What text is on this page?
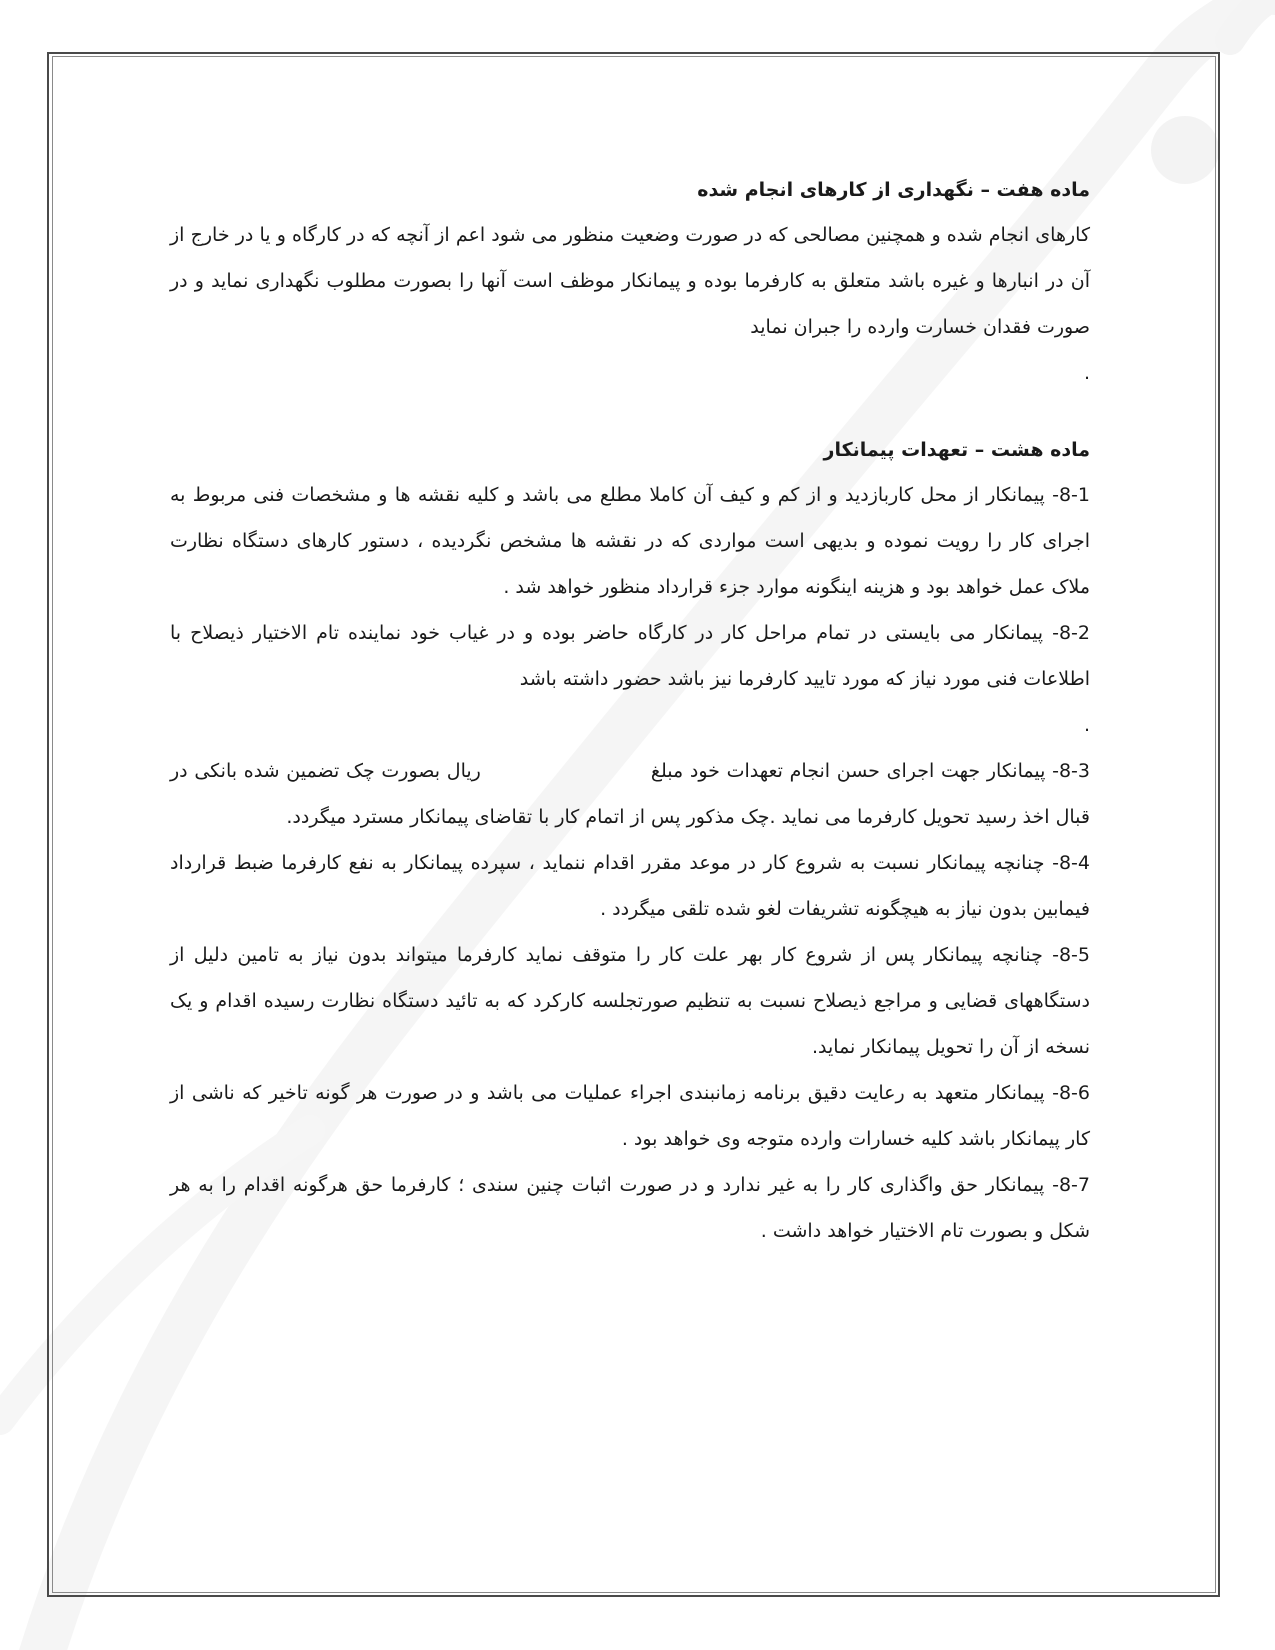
ماده هفت – نگهداری از کارهای انجام شده

کارهای انجام شده و همچنین مصالحی که در صورت وضعیت منظور می شود اعم از آنچه که در کارگاه و یا در خارج از آن در انبارها و غیره باشد متعلق به کارفرما بوده و پیمانکار موظف است آنها را بصورت مطلوب نگهداری نماید و در صورت فقدان خسارت وارده را جبران نماید

.

ماده هشت – تعهدات پیمانکار

8-1- پیمانکار از محل کاربازدید و از کم و کیف آن کاملا مطلع می باشد و کلیه نقشه ها و مشخصات فنی مربوط به اجرای کار را رویت نموده و بدیهی است مواردی که در نقشه ها مشخص نگردیده ، دستور کارهای دستگاه نظارت ملاک عمل خواهد بود و هزینه اینگونه موارد جزء قرارداد منظور خواهد شد .

8-2- پیمانکار می بایستی در تمام مراحل کار در کارگاه حاضر بوده و در غیاب خود نماینده تام الاختیار ذیصلاح با اطلاعات فنی مورد نیاز که مورد تایید کارفرما نیز باشد حضور داشته باشد

.

8-3- پیمانکار جهت اجرای حسن انجام تعهدات خود مبلغریال بصورت چک تضمین شده بانکی در قبال اخذ رسید تحویل کارفرما می نماید .چک مذکور پس از اتمام کار با تقاضای پیمانکار مسترد میگردد.

8-4- چنانچه پیمانکار نسبت به شروع کار در موعد مقرر اقدام ننماید ، سپرده پیمانکار به نفع کارفرما ضبط قرارداد فیمابین بدون نیاز به هیچگونه تشریفات لغو شده تلقی میگردد .

8-5- چنانچه پیمانکار پس از شروع کار بهر علت کار را متوقف نماید کارفرما میتواند بدون نیاز به تامین دلیل از دستگاههای قضایی و مراجع ذیصلاح نسبت به تنظیم صورتجلسه کارکرد که به تائید دستگاه نظارت رسیده اقدام و یک نسخه از آن را تحویل پیمانکار نماید.

8-6- پیمانکار متعهد به رعایت دقیق برنامه زمانبندی اجراء عملیات می باشد و در صورت هر گونه تاخیر که ناشی از کار پیمانکار باشد کلیه خسارات وارده متوجه وی خواهد بود .

8-7- پیمانکار حق واگذاری کار را به غیر ندارد و در صورت اثبات چنین سندی ؛ کارفرما حق هرگونه اقدام را به هر شکل و بصورت تام الاختیار خواهد داشت .
